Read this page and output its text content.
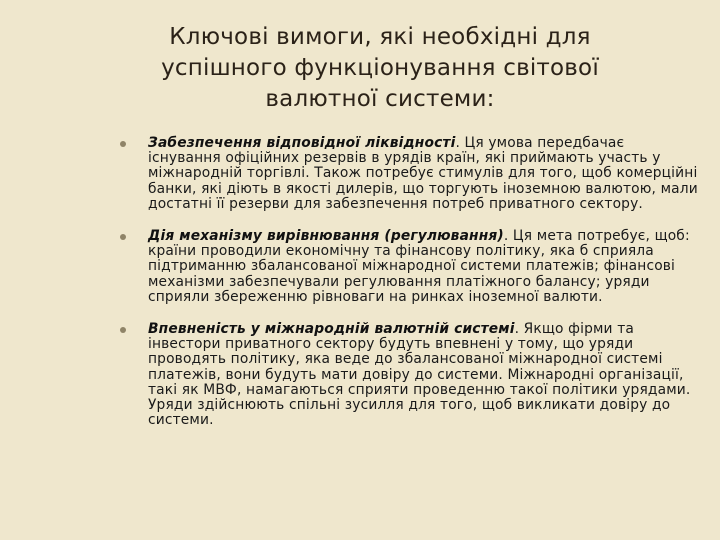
Ключові вимоги, які необхідні для
успішного функціонування світової
валютної системи:
Забезпечення відповідної ліквідності. Ця умова передбачає існування офіційних резервів в урядів країн, які приймають участь у міжнародній торгівлі. Також потребує стимулів для того, щоб комерційні банки, які діють в якості дилерів, що торгують іноземною валютою, мали достатні її резерви для забезпечення потреб приватного сектору.
Дія механізму вирівнювання (регулювання). Ця мета потребує, щоб: країни проводили економічну та фінансову політику, яка б сприяла підтриманню збалансованої міжнародної системи платежів; фінансові механізми забезпечували регулювання платіжного балансу; уряди сприяли збереженню рівноваги на ринках іноземної валюти.
Впевненість у міжнародній валютній системі. Якщо фірми та інвестори приватного сектору будуть впевнені у тому, що уряди проводять політику, яка веде до збалансованої міжнародної системі платежів, вони будуть мати довіру до системи. Міжнародні організації, такі як МВФ, намагаються сприяти проведенню такої політики урядами. Уряди здійснюють спільні зусилля для того, щоб викликати довіру до системи.
